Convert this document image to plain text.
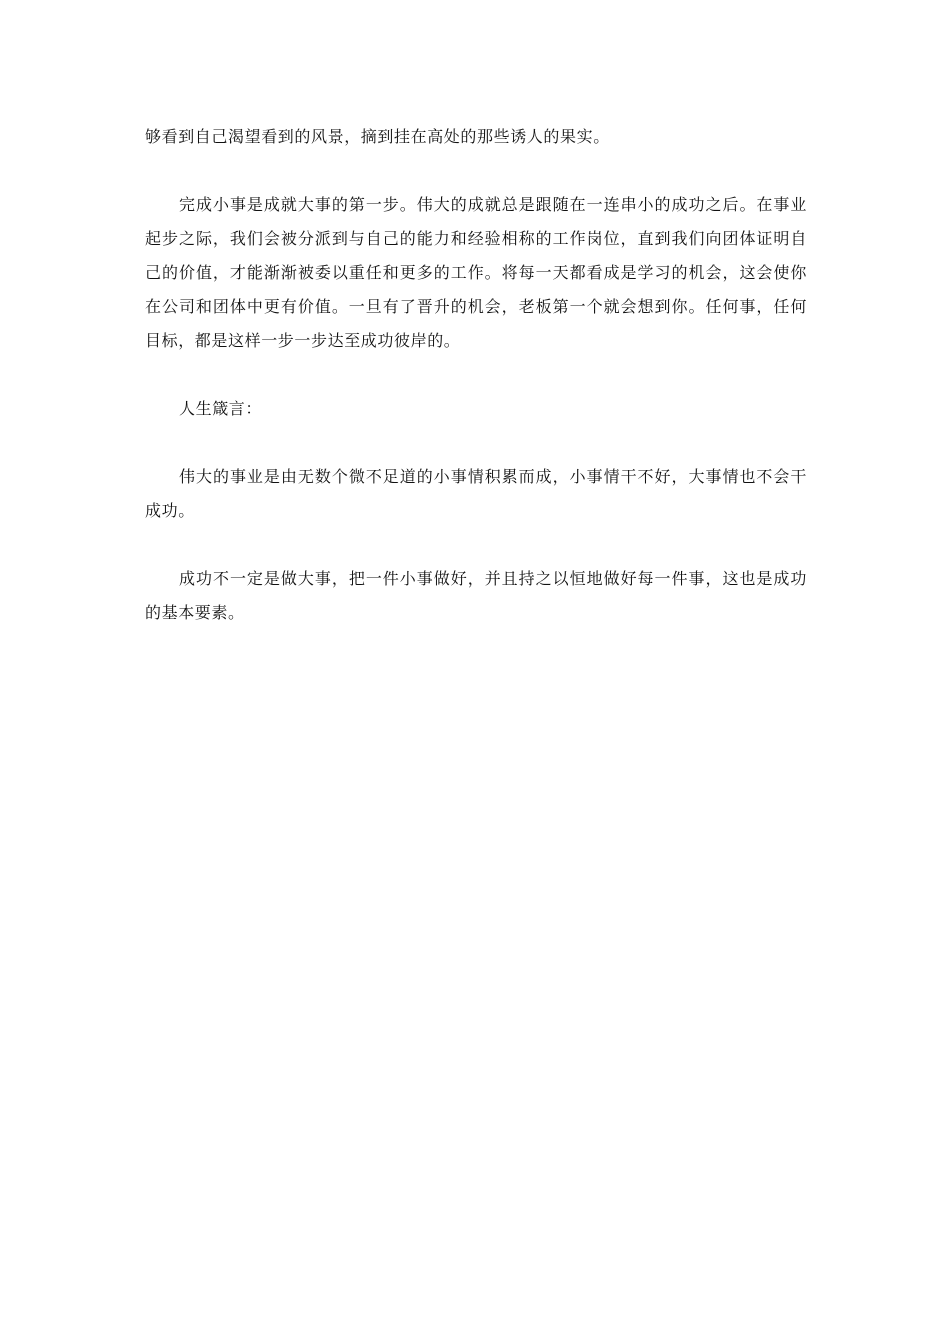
够看到自己渴望看到的风景，摘到挂在高处的那些诱人的果实。

完成小事是成就大事的第一步。伟大的成就总是跟随在一连串小的成功之后。在事业起步之际，我们会被分派到与自己的能力和经验相称的工作岗位，直到我们向团体证明自己的价值，才能渐渐被委以重任和更多的工作。将每一天都看成是学习的机会，这会使你在公司和团体中更有价值。一旦有了晋升的机会，老板第一个就会想到你。任何事，任何目标，都是这样一步一步达至成功彼岸的。

人生箴言：

伟大的事业是由无数个微不足道的小事情积累而成，小事情干不好，大事情也不会干成功。

成功不一定是做大事，把一件小事做好，并且持之以恒地做好每一件事，这也是成功的基本要素。
